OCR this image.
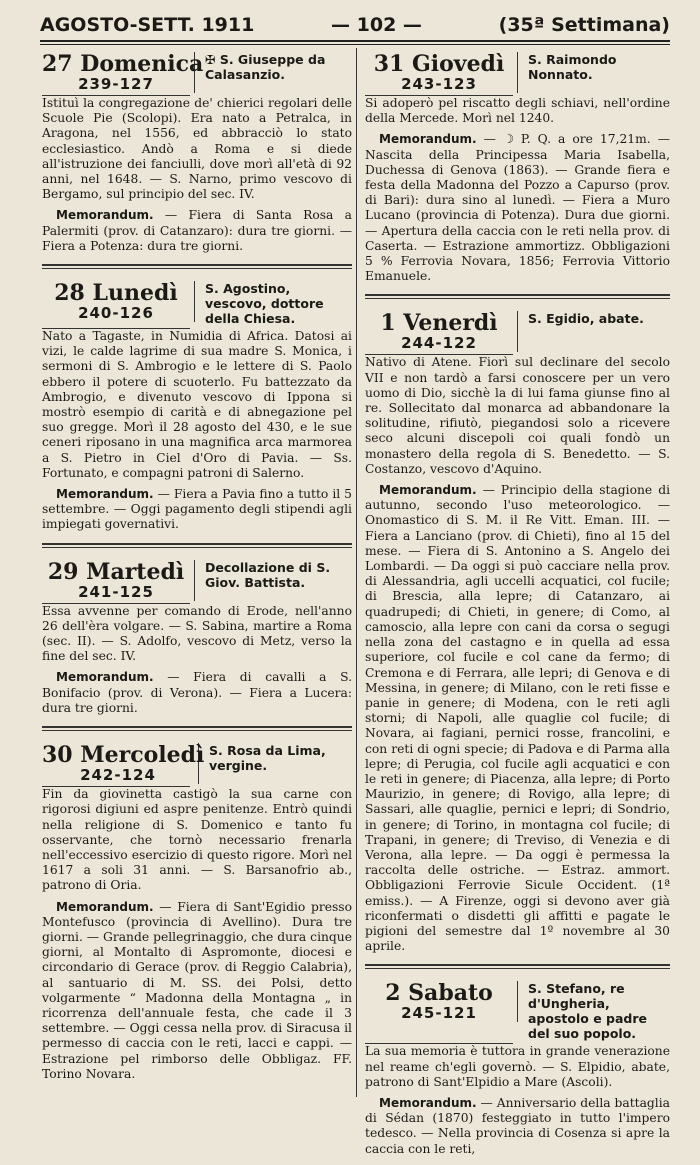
AGOSTO-SETT. 1911	— 102 —	(35ª Settimana)
27 Domenica
239-127
✠ S. Giuseppe da Calasanzio.

Istituì la congregazione de' chierici regolari delle Scuole Pie (Scolopi). Era nato a Petralca, in Aragona, nel 1556, ed abbracciò lo stato ecclesiastico. Andò a Roma e si diede all'istruzione dei fanciulli, dove morì all'età di 92 anni, nel 1648. — S. Narno, primo vescovo di Bergamo, sul principio del sec. IV.

Memorandum. — Fiera di Santa Rosa a Palermiti (prov. di Catanzaro): dura tre giorni. — Fiera a Potenza: dura tre giorni.

28 Lunedì
240-126
S. Agostino, vescovo, dottore della Chiesa.

Nato a Tagaste, in Numidia di Africa. Datosi ai vizi, le calde lagrime di sua madre S. Monica, i sermoni di S. Ambrogio e le lettere di S. Paolo ebbero il potere di scuoterlo. Fu battezzato da Ambrogio, e divenuto vescovo di Ippona si mostrò esempio di carità e di abnegazione pel suo gregge. Morì il 28 agosto del 430, e le sue ceneri riposano in una magnifica arca marmorea a S. Pietro in Ciel d'Oro di Pavia. — Ss. Fortunato, e compagni patroni di Salerno.

Memorandum. — Fiera a Pavia fino a tutto il 5 settembre. — Oggi pagamento degli stipendi agli impiegati governativi.

29 Martedì
241-125
Decollazione di S. Giov. Battista.

Essa avvenne per comando di Erode, nell'anno 26 dell'èra volgare. — S. Sabina, martire a Roma (sec. II). — S. Adolfo, vescovo di Metz, verso la fine del sec. IV.

Memorandum. — Fiera di cavalli a S. Bonifacio (prov. di Verona). — Fiera a Lucera: dura tre giorni.

30 Mercoledì
242-124
S. Rosa da Lima, vergine.

Fin da giovinetta castigò la sua carne con rigorosi digiuni ed aspre penitenze. Entrò quindi nella religione di S. Domenico e tanto fu osservante, che tornò necessario frenarla nell'eccessivo esercizio di questo rigore. Morì nel 1617 a soli 31 anni. — S. Barsanofrio ab., patrono di Oria.

Memorandum. — Fiera di Sant'Egidio presso Montefusco (provincia di Avellino). Dura tre giorni. — Grande pellegrinaggio, che dura cinque giorni, al Montalto di Aspromonte, diocesi e circondario di Gerace (prov. di Reggio Calabria), al santuario di M. SS. dei Polsi, detto volgarmente “ Madonna della Montagna „ in ricorrenza dell'annuale festa, che cade il 3 settembre. — Oggi cessa nella prov. di Siracusa il permesso di caccia con le reti, lacci e cappi. — Estrazione pel rimborso delle Obbligaz. FF. Torino Novara.

31 Giovedì
243-123
S. Raimondo Nonnato.

Si adoperò pel riscatto degli schiavi, nell'ordine della Mercede. Morì nel 1240.

Memorandum. — ☽ P. Q. a ore 17,21m. — Nascita della Principessa Maria Isabella, Duchessa di Genova (1863). — Grande fiera e festa della Madonna del Pozzo a Capurso (prov. di Bari): dura sino al lunedì. — Fiera a Muro Lucano (provincia di Potenza). Dura due giorni. — Apertura della caccia con le reti nella prov. di Caserta. — Estrazione ammortizz. Obbligazioni 5 % Ferrovia Novara, 1856; Ferrovia Vittorio Emanuele.

1 Venerdì
244-122
S. Egidio, abate.

Nativo di Atene. Fiorì sul declinare del secolo VII e non tardò a farsi conoscere per un vero uomo di Dio, sicchè la di lui fama giunse fino al re. Sollecitato dal monarca ad abbandonare la solitudine, rifiutò, piegandosi solo a ricevere seco alcuni discepoli coi quali fondò un monastero della regola di S. Benedetto. — S. Costanzo, vescovo d'Aquino.

Memorandum. — Principio della stagione di autunno, secondo l'uso meteorologico. — Onomastico di S. M. il Re Vitt. Eman. III. — Fiera a Lanciano (prov. di Chieti), fino al 15 del mese. — Fiera di S. Antonino a S. Angelo dei Lombardi. — Da oggi si può cacciare nella prov. di Alessandria, agli uccelli acquatici, col fucile; di Brescia, alla lepre; di Catanzaro, ai quadrupedi; di Chieti, in genere; di Como, al camoscio, alla lepre con cani da corsa o segugi nella zona del castagno e in quella ad essa superiore, col fucile e col cane da fermo; di Cremona e di Ferrara, alle lepri; di Genova e di Messina, in genere; di Milano, con le reti fisse e panie in genere; di Modena, con le reti agli storni; di Napoli, alle quaglie col fucile; di Novara, ai fagiani, pernici rosse, francolini, e con reti di ogni specie; di Padova e di Parma alla lepre; di Perugia, col fucile agli acquatici e con le reti in genere; di Piacenza, alla lepre; di Porto Maurizio, in genere; di Rovigo, alla lepre; di Sassari, alle quaglie, pernici e lepri; di Sondrio, in genere; di Torino, in montagna col fucile; di Trapani, in genere; di Treviso, di Venezia e di Verona, alla lepre. — Da oggi è permessa la raccolta delle ostriche. — Estraz. ammort. Obbligazioni Ferrovie Sicule Occident. (1ª emiss.). — A Firenze, oggi si devono aver già riconfermati o disdetti gli affitti e pagate le pigioni del semestre dal 1º novembre al 30 aprile.

2 Sabato
245-121
S. Stefano, re d'Ungheria, apostolo e padre del suo popolo.

La sua memoria è tuttora in grande venerazione nel reame ch'egli governò. — S. Elpidio, abate, patrono di Sant'Elpidio a Mare (Ascoli).

Memorandum. — Anniversario della battaglia di Sédan (1870) festeggiato in tutto l'impero tedesco. — Nella provincia di Cosenza si apre la caccia con le reti,
